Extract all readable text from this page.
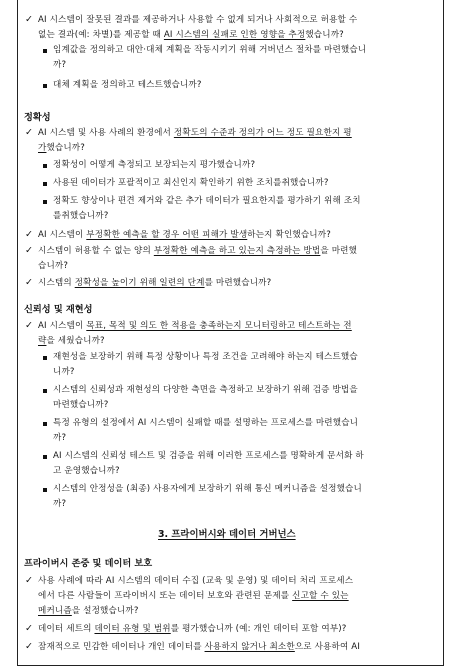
✓ AI 시스템이 잘못된 결과를 제공하거나 사용할 수 없게 되거나 사회적으로 허용할 수
없는 결과(예: 차별)를 제공할 때 AI 시스템의 실패로 인한 영향을 추정했습니까?
임계값을 정의하고 대안·대체 계획을 작동시키기 위해 거버넌스 절차를 마련했습니
까?
대체 계획을 정의하고 테스트했습니까?
정확성
✓ AI 시스템 및 사용 사례의 환경에서 정확도의 수준과 정의가 어느 정도 필요한지 평
가했습니까?
정확성이 어떻게 측정되고 보장되는지 평가했습니까?
사용된 데이터가 포괄적이고 최신인지 확인하기 위한 조치를취했습니까?
정확도 향상이나 편견 제거와 같은 추가 데이터가 필요한지를 평가하기 위해 조치
를취했습니까?
✓ AI 시스템이 부정확한 예측을 할 경우 어떤 피해가 발생하는지 확인했습니까?
✓ 시스템이 허용할 수 없는 양의 부정확한 예측을 하고 있는지 측정하는 방법을 마련했
습니까?
✓ 시스템의 정확성을 높이기 위해 일련의 단계를 마련했습니까?
신뢰성 및 재현성
✓ AI 시스템이 목표, 목적 및 의도 한 적용을 충족하는지 모니터링하고 테스트하는 전
략을 세웠습니까?
재현성을 보장하기 위해 특정 상황이나 특정 조건을 고려해야 하는지 테스트했습
니까?
시스템의 신뢰성과 재현성의 다양한 측면을 측정하고 보장하기 위해 검증 방법을
마련했습니까?
특정 유형의 설정에서 AI 시스템이 실패할 때를 설명하는 프로세스를 마련했습니
까?
AI 시스템의 신뢰성 테스트 및 검증을 위해 이러한 프로세스를 명확하게 문서화 하
고 운영했습니까?
시스템의 안정성을 (최종) 사용자에게 보장하기 위해 통신 메커니즘을 설정했습니
까?
3. 프라이버시와 데이터 거버넌스
프라이버시 존중 및 데이터 보호
✓ 사용 사례에 따라 AI 시스템의 데이터 수집 (교육 및 운영) 및 데이터 처리 프로세스
에서 다른 사람들이 프라이버시 또는 데이터 보호와 관련된 문제를 신고할 수 있는
메커니즘을 설정했습니까?
✓ 데이터 세트의 데이터 유형 및 범위를 평가했습니까 (예: 개인 데이터 포함 여부)?
✓ 잠재적으로 민감한 데이터나 개인 데이터를 사용하지 않거나 최소한으로 사용하여 AI
